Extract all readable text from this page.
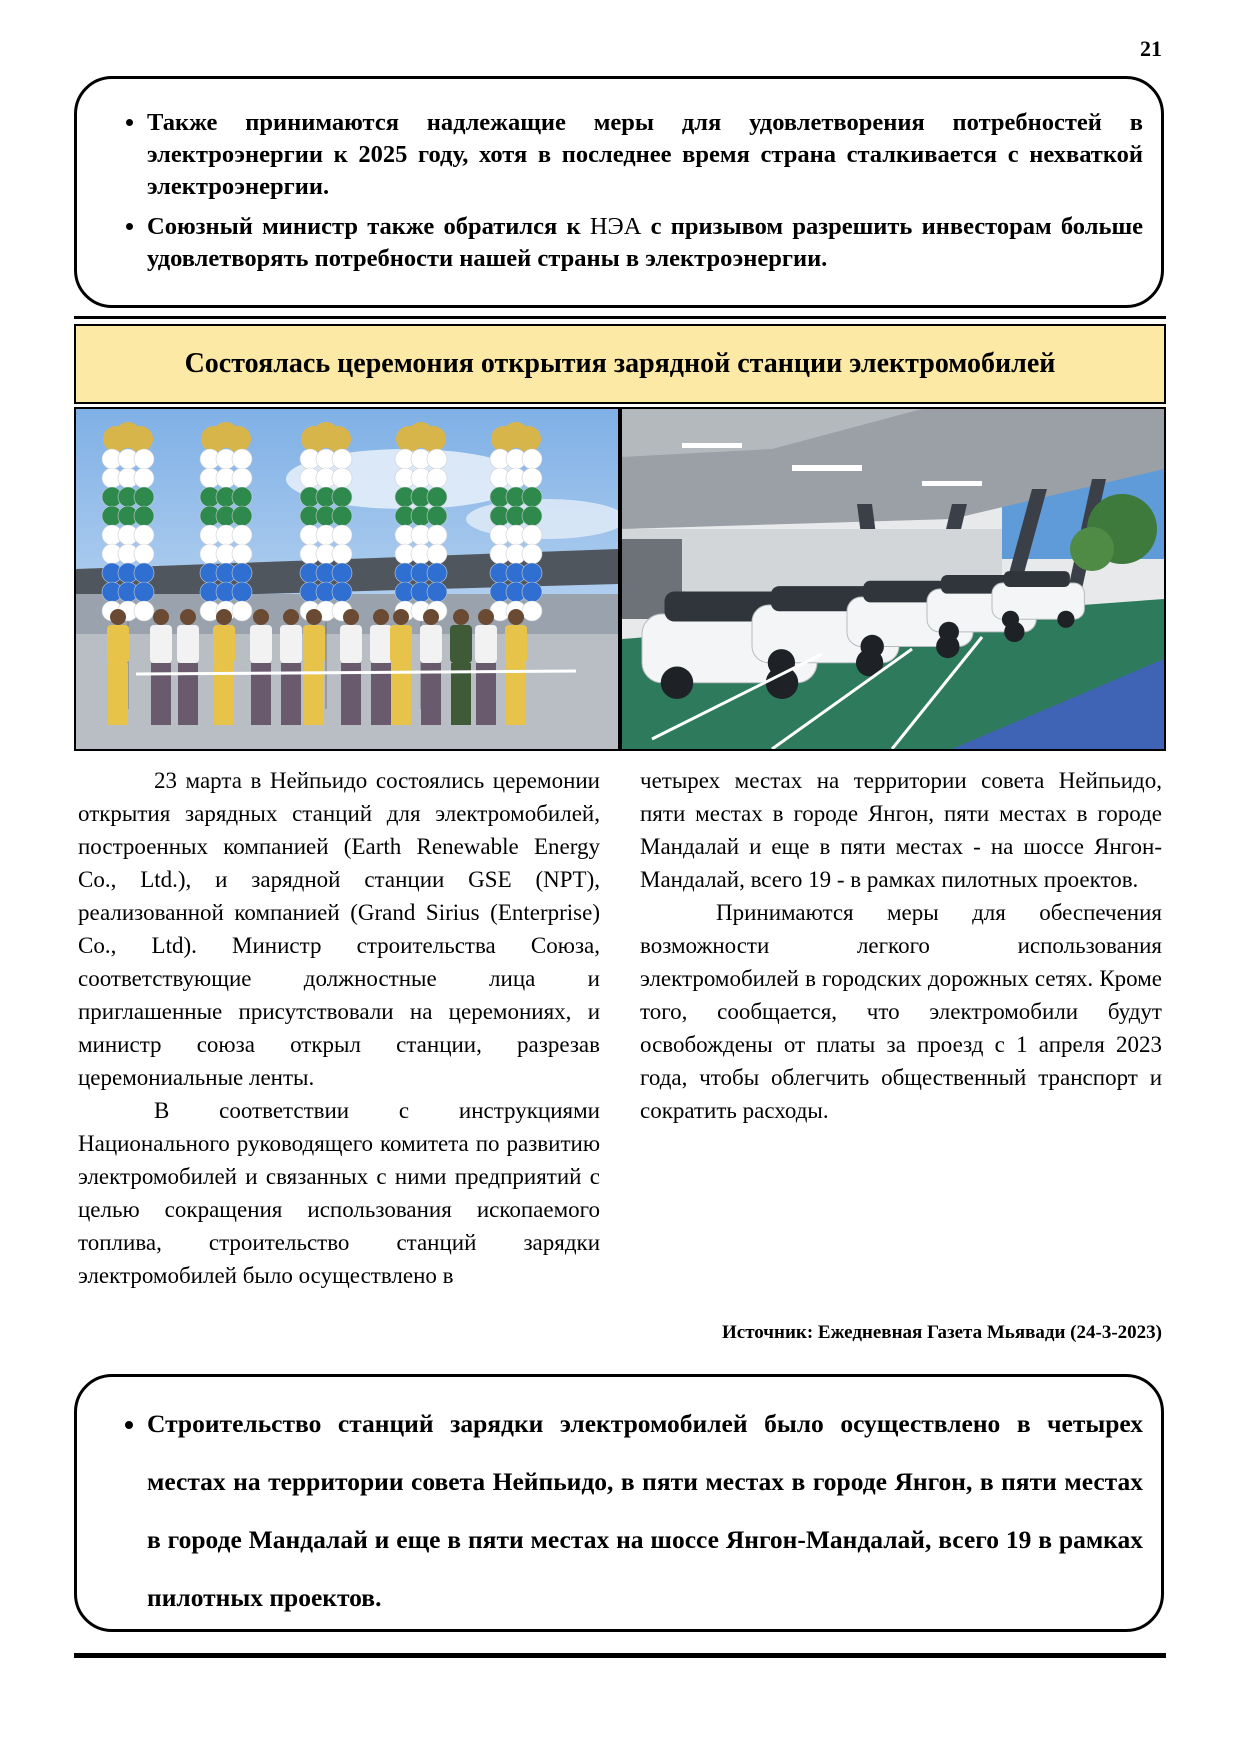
21
• Также принимаются надлежащие меры для удовлетворения потребностей в электроэнергии к 2025 году, хотя в последнее время страна сталкивается с нехваткой электроэнергии.
• Союзный министр также обратился к НЭА с призывом разрешить инвесторам больше удовлетворять потребности нашей страны в электроэнергии.
Состоялась церемония открытия зарядной станции электромобилей

23 марта в Нейпьидо состоялись церемонии открытия зарядных станций для электромобилей, построенных компанией (Earth Renewable Energy Co., Ltd.), и зарядной станции GSE (NPT), реализованной компанией (Grand Sirius (Enterprise) Co., Ltd). Министр строительства Союза, соответствующие должностные лица и приглашенные присутствовали на церемониях, и министр союза открыл станции, разрезав церемониальные ленты.

В соответствии с инструкциями Национального руководящего комитета по развитию электромобилей и связанных с ними предприятий с целью сокращения использования ископаемого топлива, строительство станций зарядки электромобилей было осуществлено в

четырех местах на территории совета Нейпьидо, пяти местах в городе Янгон, пяти местах в городе Мандалай и еще в пяти местах - на шоссе Янгон-Мандалай, всего 19 - в рамках пилотных проектов.

Принимаются меры для обеспечения возможности легкого использования электромобилей в городских дорожных сетях. Кроме того, сообщается, что электромобили будут освобождены от платы за проезд с 1 апреля 2023 года, чтобы облегчить общественный транспорт и сократить расходы.

Источник: Ежедневная Газета Мьявади (24-3-2023)
• Строительство станций зарядки электромобилей было осуществлено в четырех местах на территории совета Нейпьидо, в пяти местах в городе Янгон, в пяти местах в городе Мандалай и еще в пяти местах на шоссе Янгон-Мандалай, всего 19 в рамках пилотных проектов.
